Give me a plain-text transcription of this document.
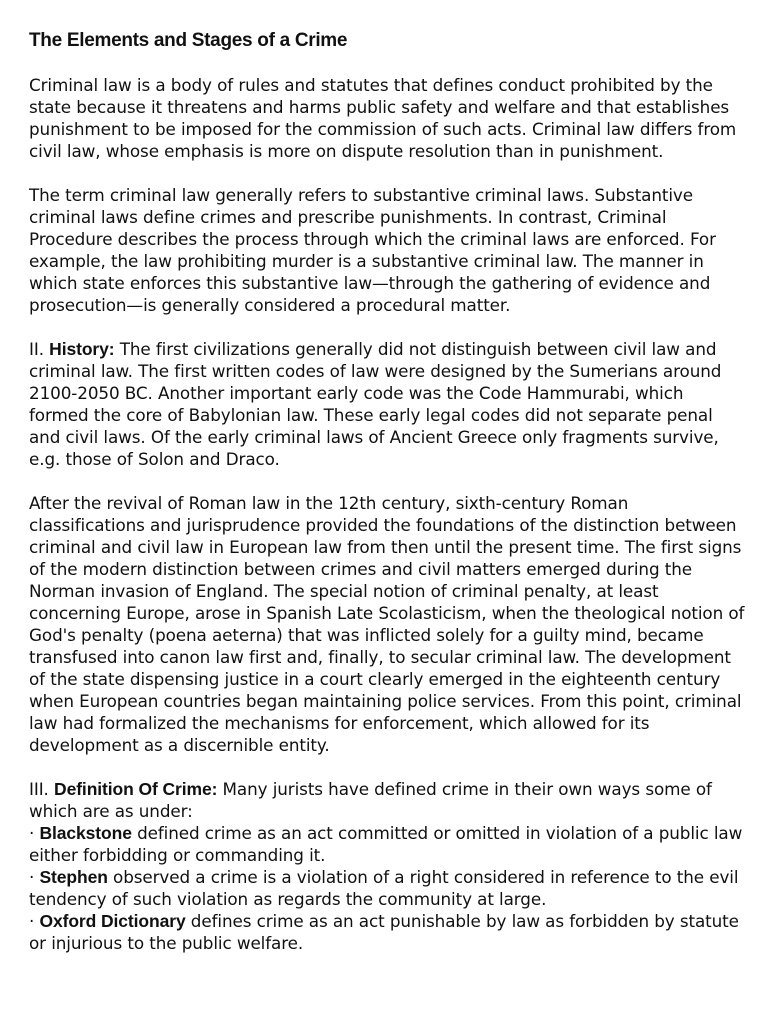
The Elements and Stages of a Crime

Criminal law is a body of rules and statutes that defines conduct prohibited by the state because it threatens and harms public safety and welfare and that establishes punishment to be imposed for the commission of such acts. Criminal law differs from civil law, whose emphasis is more on dispute resolution than in punishment.

The term criminal law generally refers to substantive criminal laws. Substantive criminal laws define crimes and prescribe punishments. In contrast, Criminal Procedure describes the process through which the criminal laws are enforced. For example, the law prohibiting murder is a substantive criminal law. The manner in which state enforces this substantive law—through the gathering of evidence and prosecution—is generally considered a procedural matter.

II. History: The first civilizations generally did not distinguish between civil law and criminal law. The first written codes of law were designed by the Sumerians around 2100-2050 BC. Another important early code was the Code Hammurabi, which formed the core of Babylonian law. These early legal codes did not separate penal and civil laws. Of the early criminal laws of Ancient Greece only fragments survive, e.g. those of Solon and Draco.

After the revival of Roman law in the 12th century, sixth-century Roman classifications and jurisprudence provided the foundations of the distinction between criminal and civil law in European law from then until the present time. The first signs of the modern distinction between crimes and civil matters emerged during the Norman invasion of England. The special notion of criminal penalty, at least concerning Europe, arose in Spanish Late Scolasticism, when the theological notion of God's penalty (poena aeterna) that was inflicted solely for a guilty mind, became transfused into canon law first and, finally, to secular criminal law. The development of the state dispensing justice in a court clearly emerged in the eighteenth century when European countries began maintaining police services. From this point, criminal law had formalized the mechanisms for enforcement, which allowed for its development as a discernible entity.

III. Definition Of Crime: Many jurists have defined crime in their own ways some of which are as under:

· Blackstone defined crime as an act committed or omitted in violation of a public law either forbidding or commanding it.

· Stephen observed a crime is a violation of a right considered in reference to the evil tendency of such violation as regards the community at large.

· Oxford Dictionary defines crime as an act punishable by law as forbidden by statute or injurious to the public welfare.
